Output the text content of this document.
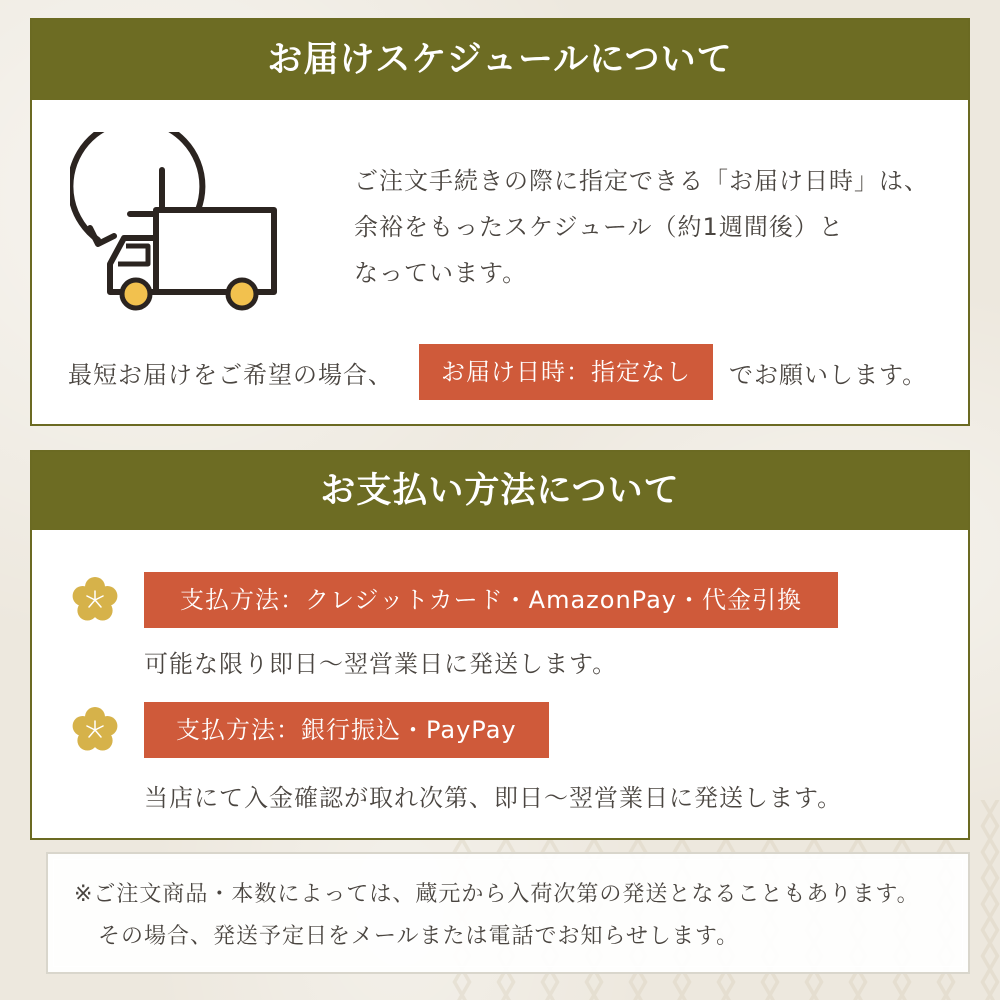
お届けスケジュールについて
ご注文手続きの際に指定できる「お届け日時」は、
余裕をもったスケジュール（約1週間後）と
なっています。
最短お届けをご希望の場合、	お届け日時：指定なし	でお願いします。
お支払い方法について
支払方法：クレジットカード・AmazonPay・代金引換
可能な限り即日〜翌営業日に発送します。
支払方法：銀行振込・PayPay
当店にて入金確認が取れ次第、即日〜翌営業日に発送します。
※ご注文商品・本数によっては、蔵元から入荷次第の発送となることもあります。
その場合、発送予定日をメールまたは電話でお知らせします。
